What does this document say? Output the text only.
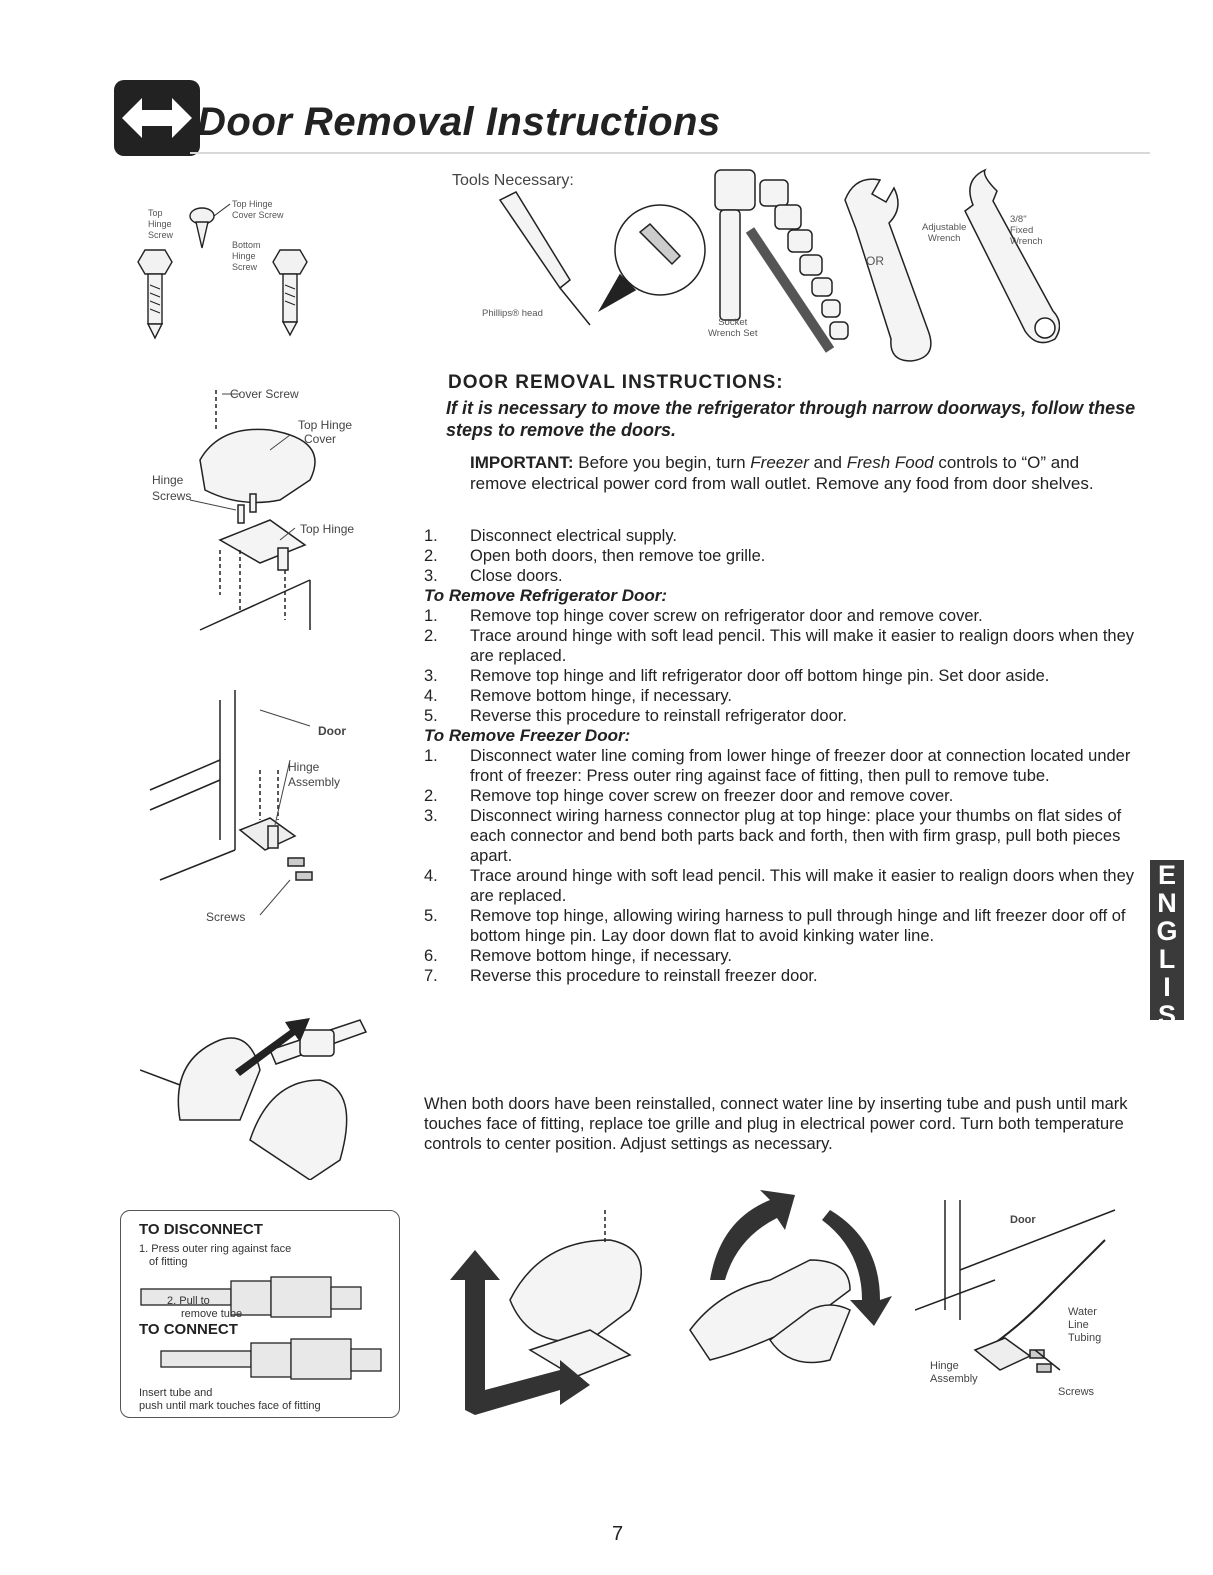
Door Removal Instructions
Top
Hinge
Screw
Top Hinge
Cover Screw
Bottom
Hinge
Screw
Tools Necessary:
Phillips® head
Socket
Wrench Set
OR
Adjustable
Wrench
3/8"
Fixed
Wrench
Cover Screw
Top Hinge
Cover
Hinge
Screws
Top Hinge
Door
Hinge
Assembly
Screws
DOOR REMOVAL INSTRUCTIONS:
If it is necessary to move the refrigerator through narrow doorways, follow these steps to remove the doors.
IMPORTANT: Before you begin, turn Freezer and Fresh Food controls to “O” and remove electrical power cord from wall outlet. Remove any food from door shelves.
1. Disconnect electrical supply.
2. Open both doors, then remove toe grille.
3. Close doors.
To Remove Refrigerator Door:
1. Remove top hinge cover screw on refrigerator door and remove cover.
2. Trace around hinge with soft lead pencil. This will make it easier to realign doors when they are replaced.
3. Remove top hinge and lift refrigerator door off bottom hinge pin. Set door aside.
4. Remove bottom hinge, if necessary.
5. Reverse this procedure to reinstall refrigerator door.
To Remove Freezer Door:
1. Disconnect water line coming from lower hinge of freezer door at connection located under front of freezer: Press outer ring against face of fitting, then pull to remove tube.
2. Remove top hinge cover screw on freezer door and remove cover.
3. Disconnect wiring harness connector plug at top hinge: place your thumbs on flat sides of each connector and bend both parts back and forth, then with firm grasp, pull both pieces apart.
4. Trace around hinge with soft lead pencil. This will make it easier to realign doors when they are replaced.
5. Remove top hinge, allowing wiring harness to pull through hinge and lift freezer door off of bottom hinge pin. Lay door down flat to avoid kinking water line.
6. Remove bottom hinge, if necessary.
7. Reverse this procedure to reinstall freezer door.
When both doors have been reinstalled, connect water line by inserting tube and push until mark touches face of fitting, replace toe grille and plug in electrical power cord. Turn both temperature controls to center position. Adjust settings as necessary.
ENGLISH
TO DISCONNECT
1. Press outer ring against face
of fitting
2. Pull to
remove tube
TO CONNECT
Insert tube and
push until mark touches face of fitting
Door
Water
Line
Tubing
Hinge
Assembly
Screws
7
